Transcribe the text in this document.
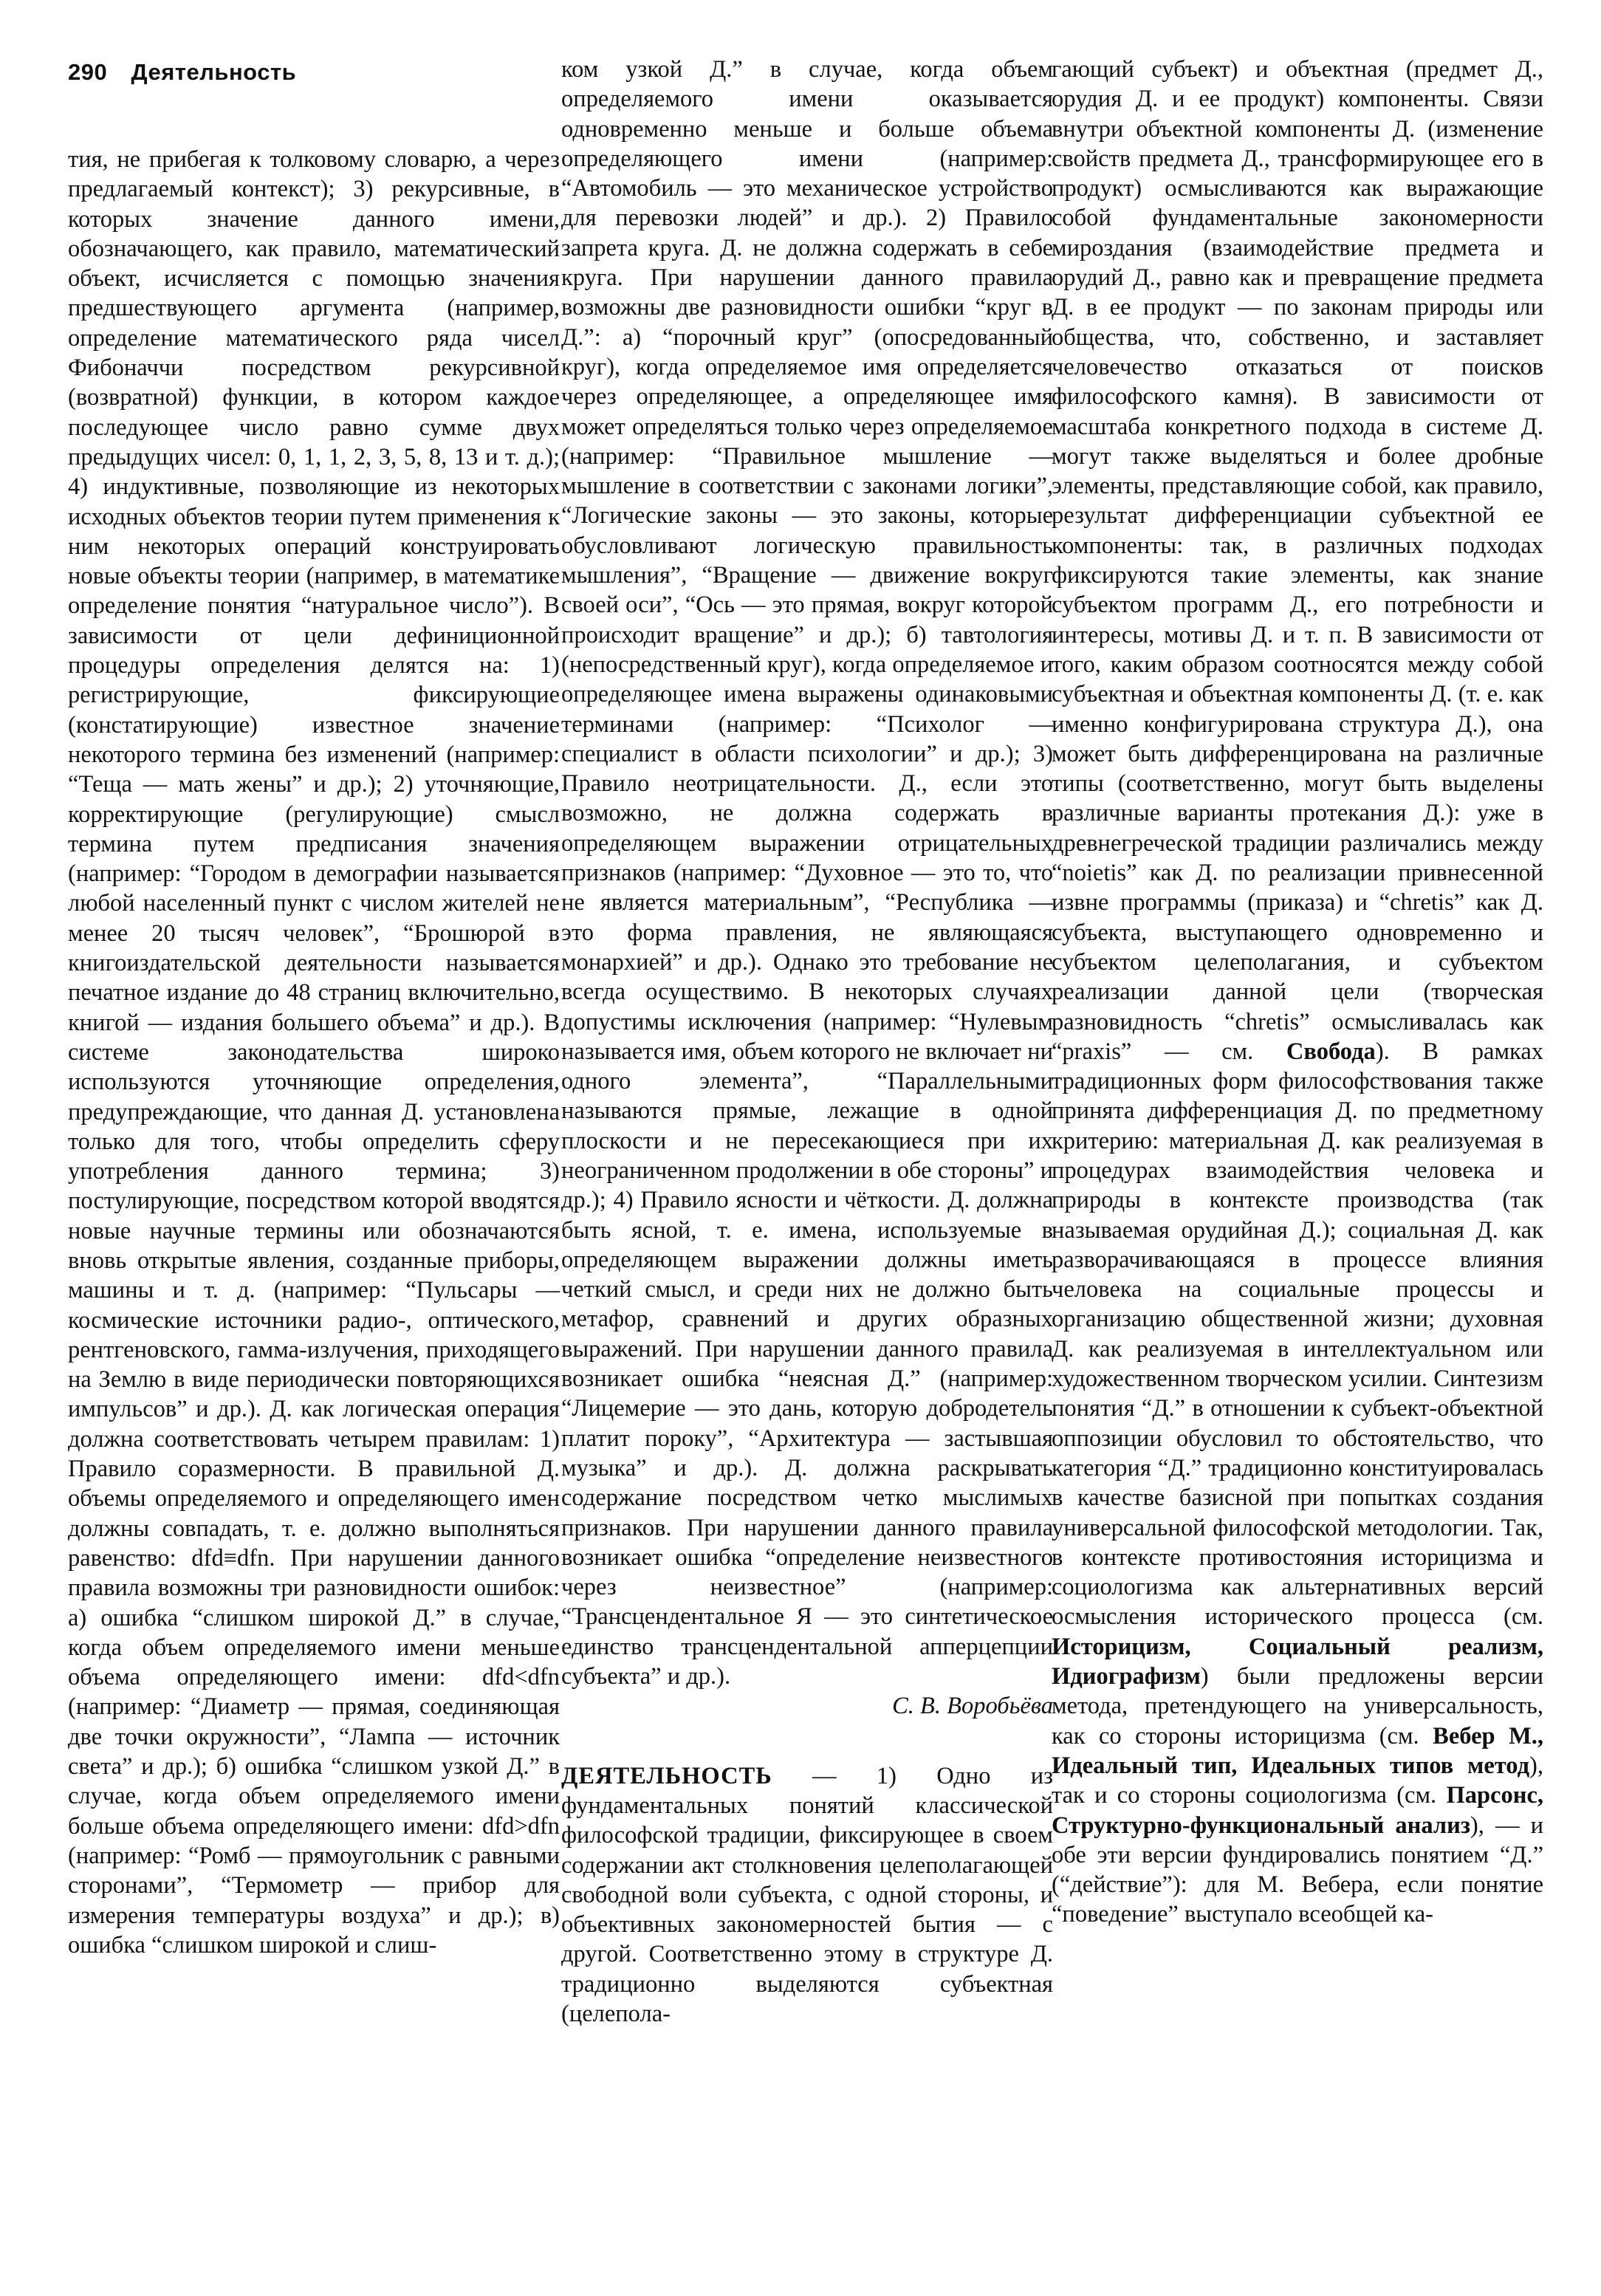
290 Деятельность

тия, не прибегая к толковому словарю, а через предлагаемый контекст); 3) рекурсивные, в которых значение данного имени, обозначающего, как правило, математический объект, исчисляется с помощью значения предшествующего аргумента (например, определение математического ряда чисел Фибоначчи посредством рекурсивной (возвратной) функции, в котором каждое последующее число равно сумме двух предыдущих чисел: 0, 1, 1, 2, 3, 5, 8, 13 и т. д.); 4) индуктивные, позволяющие из некоторых исходных объектов теории путем применения к ним некоторых операций конструировать новые объекты теории (например, в математике определение понятия “натуральное число”). В зависимости от цели дефиниционной процедуры определения делятся на: 1) регистрирующие, фиксирующие (констатирующие) известное значение некоторого термина без изменений (например: “Теща — мать жены” и др.); 2) уточняющие, корректирующие (регулирующие) смысл термина путем предписания значения (например: “Городом в демографии называется любой населенный пункт с числом жителей не менее 20 тысяч человек”, “Брошюрой в книгоиздательской деятельности называется печатное издание до 48 страниц включительно, книгой — издания большего объема” и др.). В системе законодательства широко используются уточняющие определения, предупреждающие, что данная Д. установлена только для того, чтобы определить сферу употребления данного термина; 3) постулирующие, посредством которой вводятся новые научные термины или обозначаются вновь открытые явления, созданные приборы, машины и т. д. (например: “Пульсары — космические источники радио-, оптического, рентгеновского, гамма-излучения, приходящего на Землю в виде периодически повторяющихся импульсов” и др.). Д. как логическая операция должна соответствовать четырем правилам: 1) Правило соразмерности. В правильной Д. объемы определяемого и определяющего имен должны совпадать, т. е. должно выполняться равенство: dfd≡dfn. При нарушении данного правила возможны три разновидности ошибок: а) ошибка “слишком широкой Д.” в случае, когда объем определяемого имени меньше объема определяющего имени: dfd<dfn (например: “Диаметр — прямая, соединяющая две точки окружности”, “Лампа — источник света” и др.); б) ошибка “слишком узкой Д.” в случае, когда объем определяемого имени больше объема определяющего имени: dfd>dfn (например: “Ромб — прямоугольник с равными сторонами”, “Термометр — прибор для измерения температуры воздуха” и др.); в) ошибка “слишком широкой и слиш-

ком узкой Д.” в случае, когда объем определяемого имени оказывается одновременно меньше и больше объема определяющего имени (например: “Автомобиль — это механическое устройство для перевозки людей” и др.). 2) Правило запрета круга. Д. не должна содержать в себе круга. При нарушении данного правила возможны две разновидности ошибки “круг в Д.”: а) “порочный круг” (опосредованный круг), когда определяемое имя определяется через определяющее, а определяющее имя может определяться только через определяемое (например: “Правильное мышление — мышление в соответствии с законами логики”, “Логические законы — это законы, которые обусловливают логическую правильность мышления”, “Вращение — движение вокруг своей оси”, “Ось — это прямая, вокруг которой происходит вращение” и др.); б) тавтология (непосредственный круг), когда определяемое и определяющее имена выражены одинаковыми терминами (например: “Психолог — специалист в области психологии” и др.); 3) Правило неотрицательности. Д., если это возможно, не должна содержать в определяющем выражении отрицательных признаков (например: “Духовное — это то, что не является материальным”, “Республика — это форма правления, не являющаяся монархией” и др.). Однако это требование не всегда осуществимо. В некоторых случаях допустимы исключения (например: “Нулевым называется имя, объем которого не включает ни одного элемента”, “Параллельными называются прямые, лежащие в одной плоскости и не пересекающиеся при их неограниченном продолжении в обе стороны” и др.); 4) Правило ясности и чёткости. Д. должна быть ясной, т. е. имена, используемые в определяющем выражении должны иметь четкий смысл, и среди них не должно быть метафор, сравнений и других образных выражений. При нарушении данного правила возникает ошибка “неясная Д.” (например: “Лицемерие — это дань, которую добродетель платит пороку”, “Архитектура — застывшая музыка” и др.). Д. должна раскрывать содержание посредством четко мыслимых признаков. При нарушении данного правила возникает ошибка “определение неизвестного через неизвестное” (например: “Трансцендентальное Я — это синтетическое единство трансцендентальной апперцепции субъекта” и др.).

С. В. Воробьёва

ДЕЯТЕЛЬНОСТЬ — 1) Одно из фундаментальных понятий классической философской традиции, фиксирующее в своем содержании акт столкновения целеполагающей свободной воли субъекта, с одной стороны, и объективных закономерностей бытия — с другой. Соответственно этому в структуре Д. традиционно выделяются субъектная (целепола-

гающий субъект) и объектная (предмет Д., орудия Д. и ее продукт) компоненты. Связи внутри объектной компоненты Д. (изменение свойств предмета Д., трансформирующее его в продукт) осмысливаются как выражающие собой фундаментальные закономерности мироздания (взаимодействие предмета и орудий Д., равно как и превращение предмета Д. в ее продукт — по законам природы или общества, что, собственно, и заставляет человечество отказаться от поисков философского камня). В зависимости от масштаба конкретного подхода в системе Д. могут также выделяться и более дробные элементы, представляющие собой, как правило, результат дифференциации субъектной ее компоненты: так, в различных подходах фиксируются такие элементы, как знание субъектом программ Д., его потребности и интересы, мотивы Д. и т. п. В зависимости от того, каким образом соотносятся между собой субъектная и объектная компоненты Д. (т. е. как именно конфигурирована структура Д.), она может быть дифференцирована на различные типы (соответственно, могут быть выделены различные варианты протекания Д.): уже в древнегреческой традиции различались между “noietis” как Д. по реализации привнесенной извне программы (приказа) и “chretis” как Д. субъекта, выступающего одновременно и субъектом целеполагания, и субъектом реализации данной цели (творческая разновидность “chretis” осмысливалась как “praxis” — см. Свобода). В рамках традиционных форм философствования также принята дифференциация Д. по предметному критерию: материальная Д. как реализуемая в процедурах взаимодействия человека и природы в контексте производства (так называемая орудийная Д.); социальная Д. как разворачивающаяся в процессе влияния человека на социальные процессы и организацию общественной жизни; духовная Д. как реализуемая в интеллектуальном или художественном творческом усилии. Синтезизм понятия “Д.” в отношении к субъект-объектной оппозиции обусловил то обстоятельство, что категория “Д.” традиционно конституировалась в качестве базисной при попытках создания универсальной философской методологии. Так, в контексте противостояния историцизма и социологизма как альтернативных версий осмысления исторического процесса (см. Историцизм, Социальный реализм, Идиографизм) были предложены версии метода, претендующего на универсальность, как со стороны историцизма (см. Вебер М., Идеальный тип, Идеальных типов метод), так и со стороны социологизма (см. Парсонс, Структурно-функциональный анализ), — и обе эти версии фундировались понятием “Д.” (“действие”): для М. Вебера, если понятие “поведение” выступало всеобщей ка-
